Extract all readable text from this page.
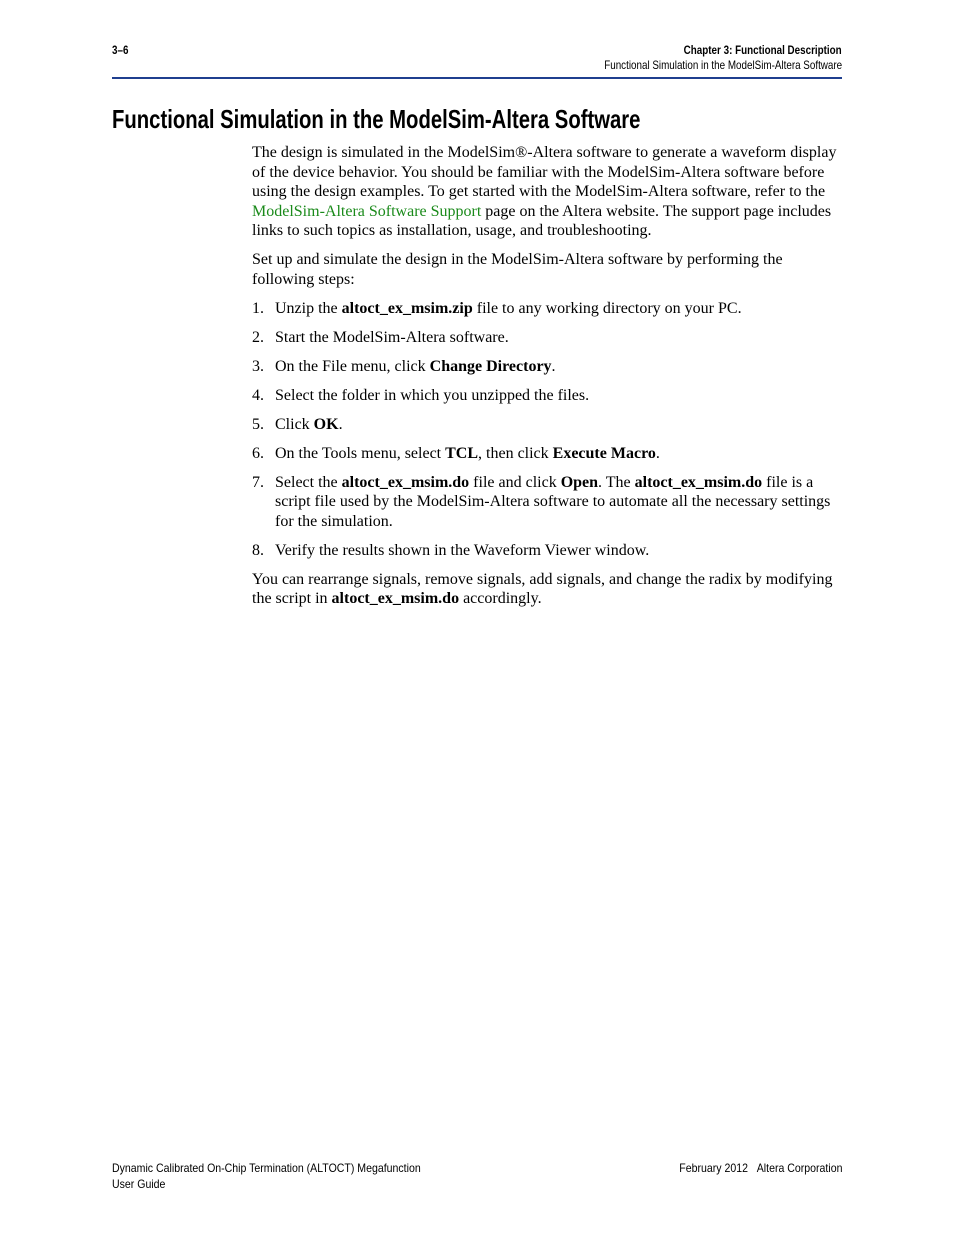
3–6	Chapter 3: Functional Description
Functional Simulation in the ModelSim-Altera Software
Functional Simulation in the ModelSim-Altera Software

The design is simulated in the ModelSim®-Altera software to generate a waveform display of the device behavior. You should be familiar with the ModelSim-Altera software before using the design examples. To get started with the ModelSim-Altera software, refer to the ModelSim-Altera Software Support page on the Altera website. The support page includes links to such topics as installation, usage, and troubleshooting.

Set up and simulate the design in the ModelSim-Altera software by performing the following steps:

1. Unzip the altoct_ex_msim.zip file to any working directory on your PC.
2. Start the ModelSim-Altera software.
3. On the File menu, click Change Directory.
4. Select the folder in which you unzipped the files.
5. Click OK.
6. On the Tools menu, select TCL, then click Execute Macro.
7. Select the altoct_ex_msim.do file and click Open. The altoct_ex_msim.do file is a script file used by the ModelSim-Altera software to automate all the necessary settings for the simulation.
8. Verify the results shown in the Waveform Viewer window.

You can rearrange signals, remove signals, add signals, and change the radix by modifying the script in altoct_ex_msim.do accordingly.

Dynamic Calibrated On-Chip Termination (ALTOCT) Megafunction
User Guide
February 2012 Altera Corporation
